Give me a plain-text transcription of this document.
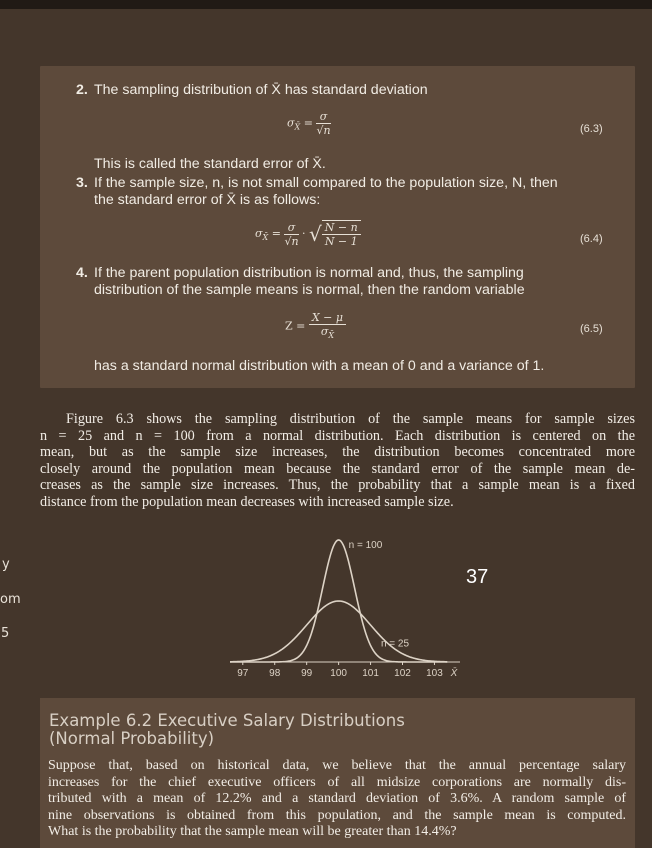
y
om
5
2. The sampling distribution of X̄ has standard deviation
$\sigma_{X̄} = \frac{\sigma}{√n}$	(6.3)
This is called the standard error of X̄.
3. If the sample size, n, is not small compared to the population size, N, then
the standard error of X̄ is as follows:
$\sigma_{X̄} = \frac{\sigma}{√n}$ · √ $\frac{N - n}{N - 1}$	(6.4)
4. If the parent population distribution is normal and, thus, the sampling
distribution of the sample means is normal, then the random variable
$Z = \frac{X - \mu}{\sigma_{X̄}}$	(6.5)
has a standard normal distribution with a mean of 0 and a variance of 1.
Figure 6.3 shows the sampling distribution of the sample means for sample sizes
n = 25 and n = 100 from a normal distribution. Each distribution is centered on the
mean, but as the sample size increases, the distribution becomes concentrated more
closely around the population mean because the standard error of the sample mean de-
creases as the sample size increases. Thus, the probability that a sample mean is a fixed
distance from the population mean decreases with increased sample size.
97 98 99 100 101 102 103 X̄
n = 100
n = 25
37
Example 6.2 Executive Salary Distributions
(Normal Probability)
Suppose that, based on historical data, we believe that the annual percentage salary
increases for the chief executive officers of all midsize corporations are normally dis-
tributed with a mean of 12.2% and a standard deviation of 3.6%. A random sample of
nine observations is obtained from this population, and the sample mean is computed.
What is the probability that the sample mean will be greater than 14.4%?
